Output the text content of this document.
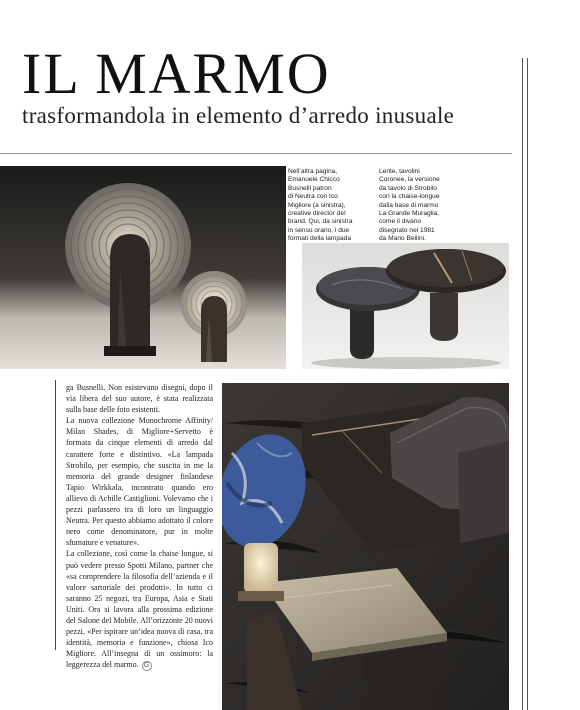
IL MARMO
trasformandola in elemento d’arredo inusuale
Nell’altra pagina,
Emanuele Chicco
Busnelli patron
di Neutra con Ico
Migliore (a sinistra),
creative director del
brand. Qui, da sinistra
in senso orario, i due
formati della lampada
Lente, tavolini
Coronee, la versione
da tavolo di Strobilo
con la chaise-longue
dalla base di marmo
La Grande Muraglia,
come il divano
disegnato nel 1981
da Mario Bellini.

ga Busnelli. Non esistevano disegni, dopo il via libera del suo autore, è stata realizzata sulla base delle foto esistenti.

La nuova collezione Monochrome Affinity/ Milan Shades, di Migliore+Servetto è formata da cinque elementi di arredo dal carattere forte e distintivo. «La lampada Strobilo, per esempio, che suscita in me la memoria del grande designer finlandese Tapio Wirkkala, incontrato quando ero allievo di Achille Castiglioni. Volevamo che i pezzi parlassero tra di loro un linguaggio Neutra. Per questo abbiamo adottato il colore nero come denominatore, pur in molte sfumature e venature».

La collezione, così come la chaise longue, si può vedere presso Spotti Milano, partner che «sa comprendere la filosofia dell’azienda e il valore sartoriale dei prodotti». In tutto ci saranno 25 negozi, tra Europa, Asia e Stati Uniti. Ora si lavora alla prossima edizione del Salone del Mobile. All’orizzonte 20 nuovi pezzi. «Per ispirare un’idea nuova di casa, tra identità, memoria e funzione», chiosa Ico Migliore. All’insegna di un ossimoro: la leggerezza del marmo. G
